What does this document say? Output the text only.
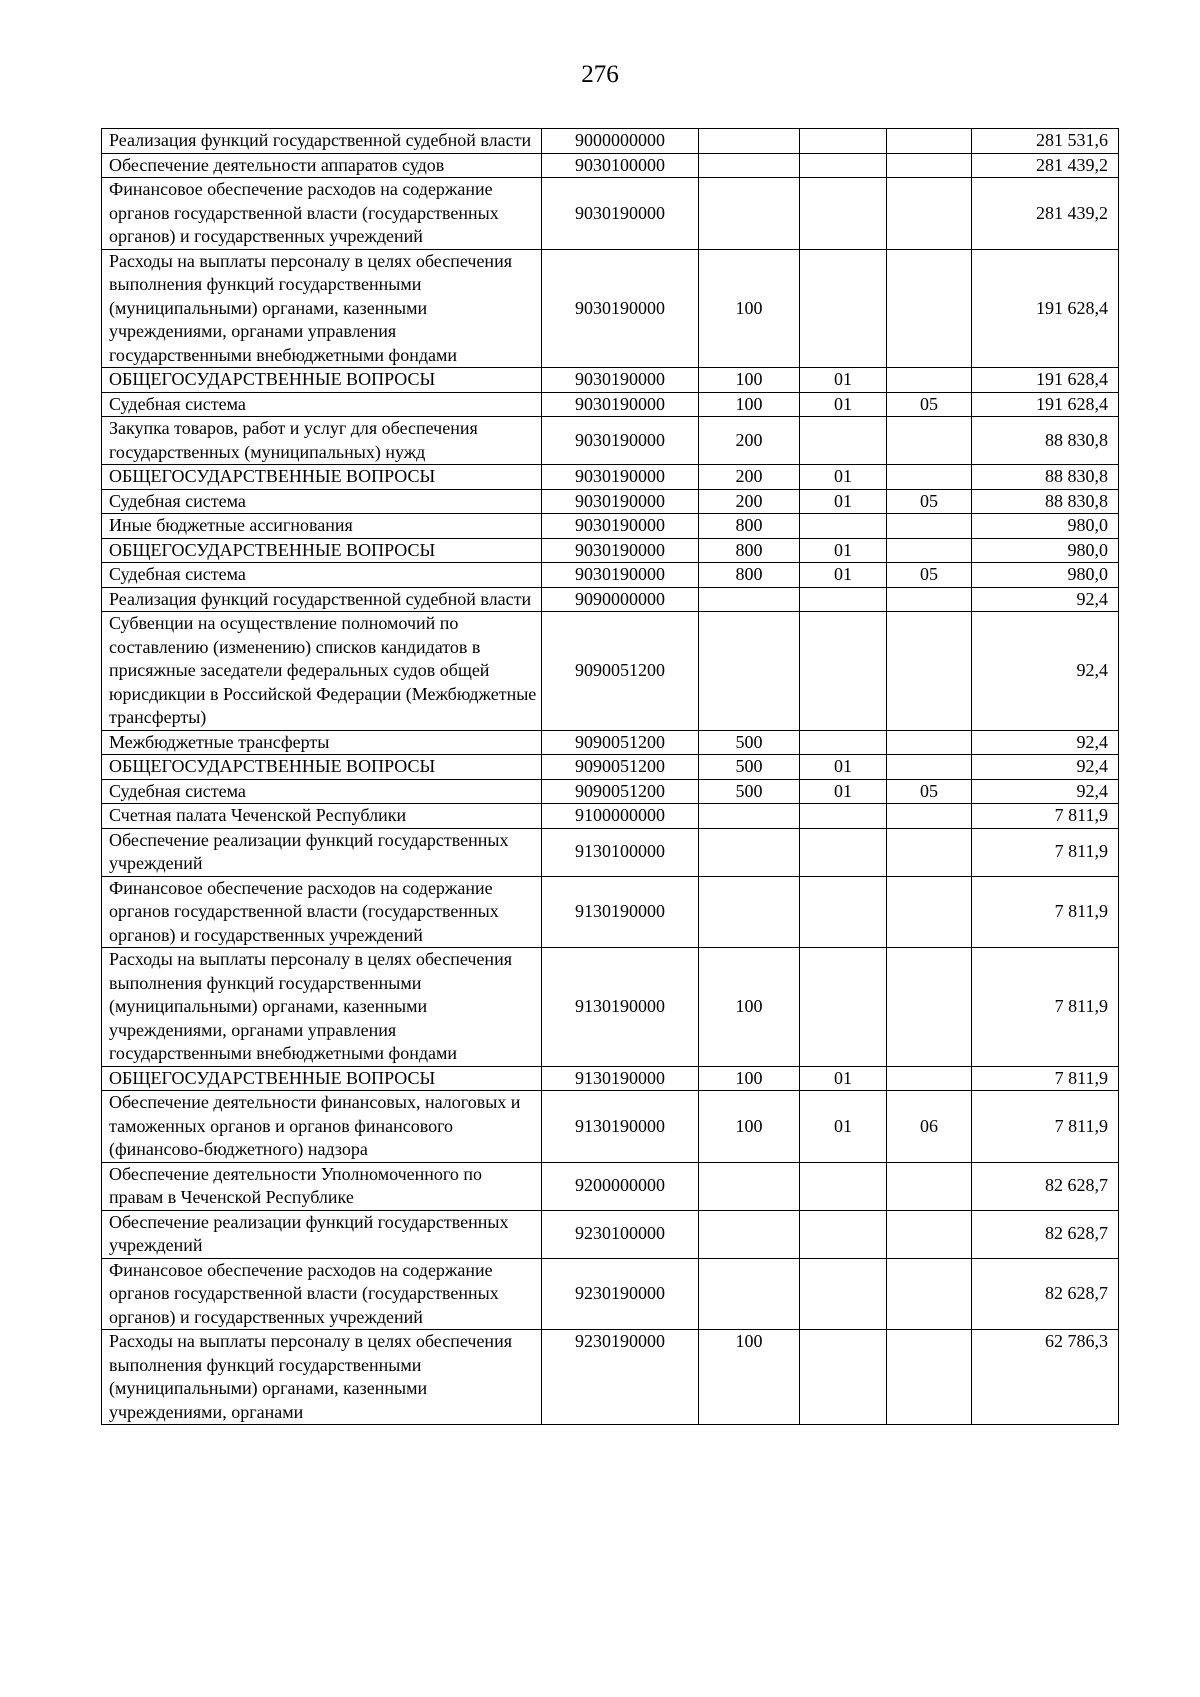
276
Реализация функций государственной судебной власти	9000000000				281 531,6
Обеспечение деятельности аппаратов судов	9030100000				281 439,2
Финансовое обеспечение расходов на содержание органов государственной власти (государственных органов) и государственных учреждений	9030190000				281 439,2
Расходы на выплаты персоналу в целях обеспечения выполнения функций государственными (муниципальными) органами, казенными учреждениями, органами управления государственными внебюджетными фондами	9030190000	100			191 628,4
ОБЩЕГОСУДАРСТВЕННЫЕ ВОПРОСЫ	9030190000	100	01		191 628,4
Судебная система	9030190000	100	01	05	191 628,4
Закупка товаров, работ и услуг для обеспечения государственных (муниципальных) нужд	9030190000	200			88 830,8
ОБЩЕГОСУДАРСТВЕННЫЕ ВОПРОСЫ	9030190000	200	01		88 830,8
Судебная система	9030190000	200	01	05	88 830,8
Иные бюджетные ассигнования	9030190000	800			980,0
ОБЩЕГОСУДАРСТВЕННЫЕ ВОПРОСЫ	9030190000	800	01		980,0
Судебная система	9030190000	800	01	05	980,0
Реализация функций государственной судебной власти	9090000000				92,4
Субвенции на осуществление полномочий по составлению (изменению) списков кандидатов в присяжные заседатели федеральных судов общей юрисдикции в Российской Федерации (Межбюджетные трансферты)	9090051200				92,4
Межбюджетные трансферты	9090051200	500			92,4
ОБЩЕГОСУДАРСТВЕННЫЕ ВОПРОСЫ	9090051200	500	01		92,4
Судебная система	9090051200	500	01	05	92,4
Счетная палата Чеченской Республики	9100000000				7 811,9
Обеспечение реализации функций государственных учреждений	9130100000				7 811,9
Финансовое обеспечение расходов на содержание органов государственной власти (государственных органов) и государственных учреждений	9130190000				7 811,9
Расходы на выплаты персоналу в целях обеспечения выполнения функций государственными (муниципальными) органами, казенными учреждениями, органами управления государственными внебюджетными фондами	9130190000	100			7 811,9
ОБЩЕГОСУДАРСТВЕННЫЕ ВОПРОСЫ	9130190000	100	01		7 811,9
Обеспечение деятельности финансовых, налоговых и таможенных органов и органов финансового (финансово-бюджетного) надзора	9130190000	100	01	06	7 811,9
Обеспечение деятельности Уполномоченного по правам в Чеченской Республике	9200000000				82 628,7
Обеспечение реализации функций государственных учреждений	9230100000				82 628,7
Финансовое обеспечение расходов на содержание органов государственной власти (государственных органов) и государственных учреждений	9230190000				82 628,7
Расходы на выплаты персоналу в целях обеспечения выполнения функций государственными (муниципальными) органами, казенными учреждениями, органами	9230190000	100			62 786,3
